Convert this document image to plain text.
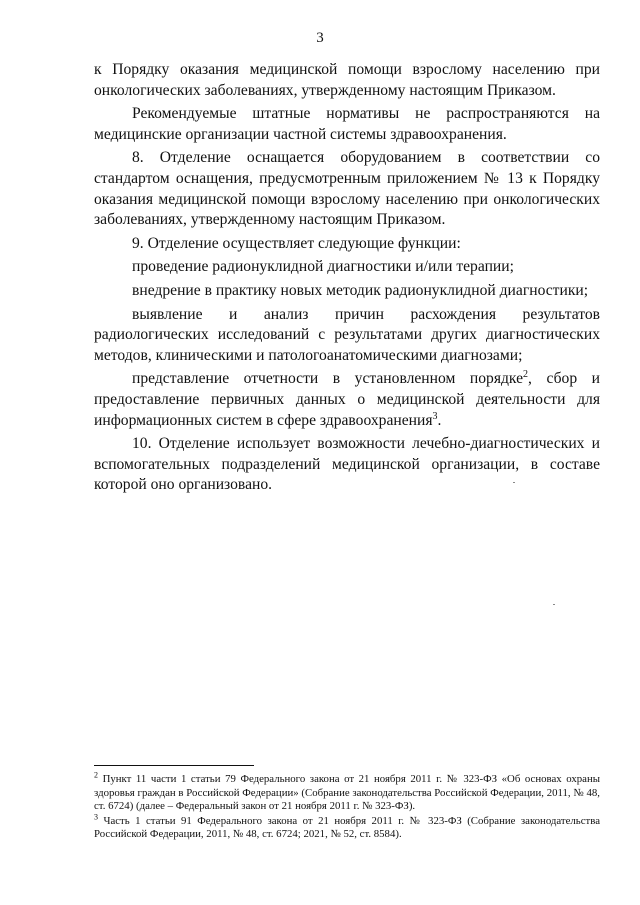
3

к Порядку оказания медицинской помощи взрослому населению при онкологических заболеваниях, утвержденному настоящим Приказом.

Рекомендуемые штатные нормативы не распространяются на медицинские организации частной системы здравоохранения.

8. Отделение оснащается оборудованием в соответствии со стандартом оснащения, предусмотренным приложением № 13 к Порядку оказания медицинской помощи взрослому населению при онкологических заболеваниях, утвержденному настоящим Приказом.

9. Отделение осуществляет следующие функции:

проведение радионуклидной диагностики и/или терапии;

внедрение в практику новых методик радионуклидной диагностики;

выявление и анализ причин расхождения результатов радиологических исследований с результатами других диагностических методов, клиническими и патологоанатомическими диагнозами;

представление отчетности в установленном порядке$^2$, сбор и предоставление первичных данных о медицинской деятельности для информационных систем в сфере здравоохранения$^3$.

10. Отделение использует возможности лечебно-диагностических и вспомогательных подразделений медицинской организации, в составе которой оно организовано.

$^2$ Пункт 11 части 1 статьи 79 Федерального закона от 21 ноября 2011 г. № 323-ФЗ «Об основах охраны здоровья граждан в Российской Федерации» (Собрание законодательства Российской Федерации, 2011, № 48, ст. 6724) (далее – Федеральный закон от 21 ноября 2011 г. № 323-ФЗ).

$^3$ Часть 1 статьи 91 Федерального закона от 21 ноября 2011 г. № 323-ФЗ (Собрание законодательства Российской Федерации, 2011, № 48, ст. 6724; 2021, № 52, ст. 8584).
